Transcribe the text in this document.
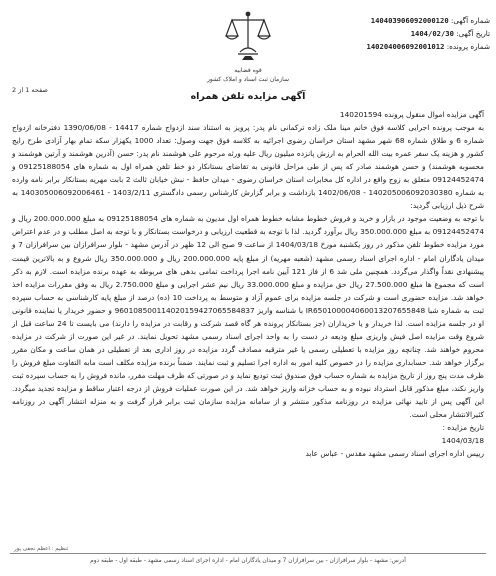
شماره آگهی: 140403906092000120
تاریخ آگهی: 1404/02/30
شماره پرونده: 140204006092001012
قوه قضاییه
سازمان ثبت اسناد و املاک کشور
صفحه 1 از 2
آگهی مزایده تلفن همراه

آگهی مزایده اموال منقول پرونده 140201594

به موجب پرونده اجرایی کلاسه فوق خانم مینا ملک زاده ترکمانی نام پدر: پرویز به استناد سند ازدواج شماره 14417 - 1390/06/08 دفترخانه ازدواج شماره 6 و طلاق شماره 68 شهر مشهد استان خراسان رضوی اجرائیه به کلاسه فوق جهت وصول: تعداد 1000 یکهزار سکه تمام بهار آزادی طرح رایج کشور و هزینه یک سفر عمره بیت الله الحرام به ارزش پانزده میلیون ریال علیه ورثه مرحوم علی هوشمند نام پدر: حسن (آدرین هوشمند و آرتین هوشمند و محسوبه هوشمند) و حسن هوشمند صادر که پس از طی مراحل قانونی به تقاضای بستانکار دو خط تلفن همراه اول به شماره های 09125188054 و 09124452474 متعلق به زوج واقع در اداره کل مخابرات استان خراسان رضوی - میدان حافظ - نبش خیابان ثالث 2 بابت مهریه بستانکار برابر نامه وارده به شماره 140205006092030380 - 1402/06/08 بازداشت و برابر گزارش کارشناس رسمی دادگستری 1403/2/11 - 140305006092006461 به شرح ذیل ارزیابی گردید:

با توجه به وضعیت موجود در بازار و خرید و فروش خطوط مشابه خطوط همراه اول مدیون به شماره های 09125188054 به مبلغ 200.000.000 ریال و 09124452474 به مبلغ 350.000.000 ریال برآورد گردید. لذا با توجه به قطعیت ارزیابی و درخواست بستانکار و با توجه به اصل مطلب و در عدم اعتراض مورد مزایده خطوط تلفن مذکور در روز یکشنبه مورخ 1404/03/18 از ساعت 9 صبح الی 12 ظهر در آدرس مشهد - بلوار سرافرازان بین سرافرازان 7 و میدان یادگاران امام - اداره اجرای اسناد رسمی مشهد (شعبه مهریه) از مبلغ پایه 200.000.000 ریال و 350.000.000 ریال شروع و به بالاترین قیمت پیشنهادی نقداً واگذار می‌گردد. همچنین ملی شد 6 از فاز 121 آیین نامه اجرا پرداخت تمامی بدهی های مربوطه به عهده برنده مزایده است. لازم به ذکر است که مجموع ها مبلغ 27.500.000 ریال حق مزایده و مبلغ 33.000.000 ریال نیم عشر اجرایی و مبلغ 2.750.000 ریال به وفق مقررات مزایده اخذ خواهد شد. مزایده حضوری است و شرکت در جلسه مزایده برای عموم آزاد و متوسط به پرداخت 10 (ده) درصد از مبلغ پایه کارشناسی به حساب سپرده ثبت به شماره شبا IR650100004060013207655848 با شناسه واریز 960108500114020159427065584837 و حضور خریدار یا نماینده قانونی او در جلسه مزایده است. لذا خریدار و یا خریداران (جز بستانکار پرونده هر گاه قصد شرکت و رقابت در مزایده را دارند) می بایست تا 24 ساعت قبل از شروع وقت مزایده اصل فیش واریزی مبلغ ودیعه در دست را به واحد اجرای اسناد رسمی مشهد تحویل نمایند. در غیر این صورت از شرکت در مزایده محروم خواهند شد. چنانچه روز مزایده با تعطیلی رسمی یا غیر مترقبه مصادف گردد مزایده در روز اداری بعد از تعطیلی در همان ساعت و مکان مقرر برگزار خواهد شد. حسابداری مزایده را در خصوص کلیه امور به اداره اجرا تسلیم و ثبت نمایند. ضمناً برنده مزایده مکلف است مابه التفاوت مبلغ فروش را ظرف مدت پنج روز از تاریخ مزایده به شماره حساب فوق صندوق ثبت تودیع نماید و در صورتی که ظرف مهلت مقرر، مانده فروش را به حساب سپرده ثبت واریز نکند، مبلغ مذکور قابل استرداد نبوده و به حساب خزانه واریز خواهد شد. در این صورت عملیات فروش از درجه اعتبار ساقط و مزایده تجدید میگردد. این آگهی پس از تایید نهائی مزایده در روزنامه مذکور منتشر و از سامانه مزایده سازمان ثبت برابر قرار گرفت و به منزله انتشار آگهی در روزنامه کثیرالانتشار محلی است.

تاریخ مزایده :

1404/03/18

رییس اداره اجرای اسناد رسمی مشهد مقدس - عباس عابد

تنظیم : اعظم نجفی پور
آدرس: مشهد - بلوار سرافرازان - بین سرافرازان 7 و میدان یادگاران امام - اداره اجرای اسناد رسمی مشهد - طبقه اول - طبقه دوم
